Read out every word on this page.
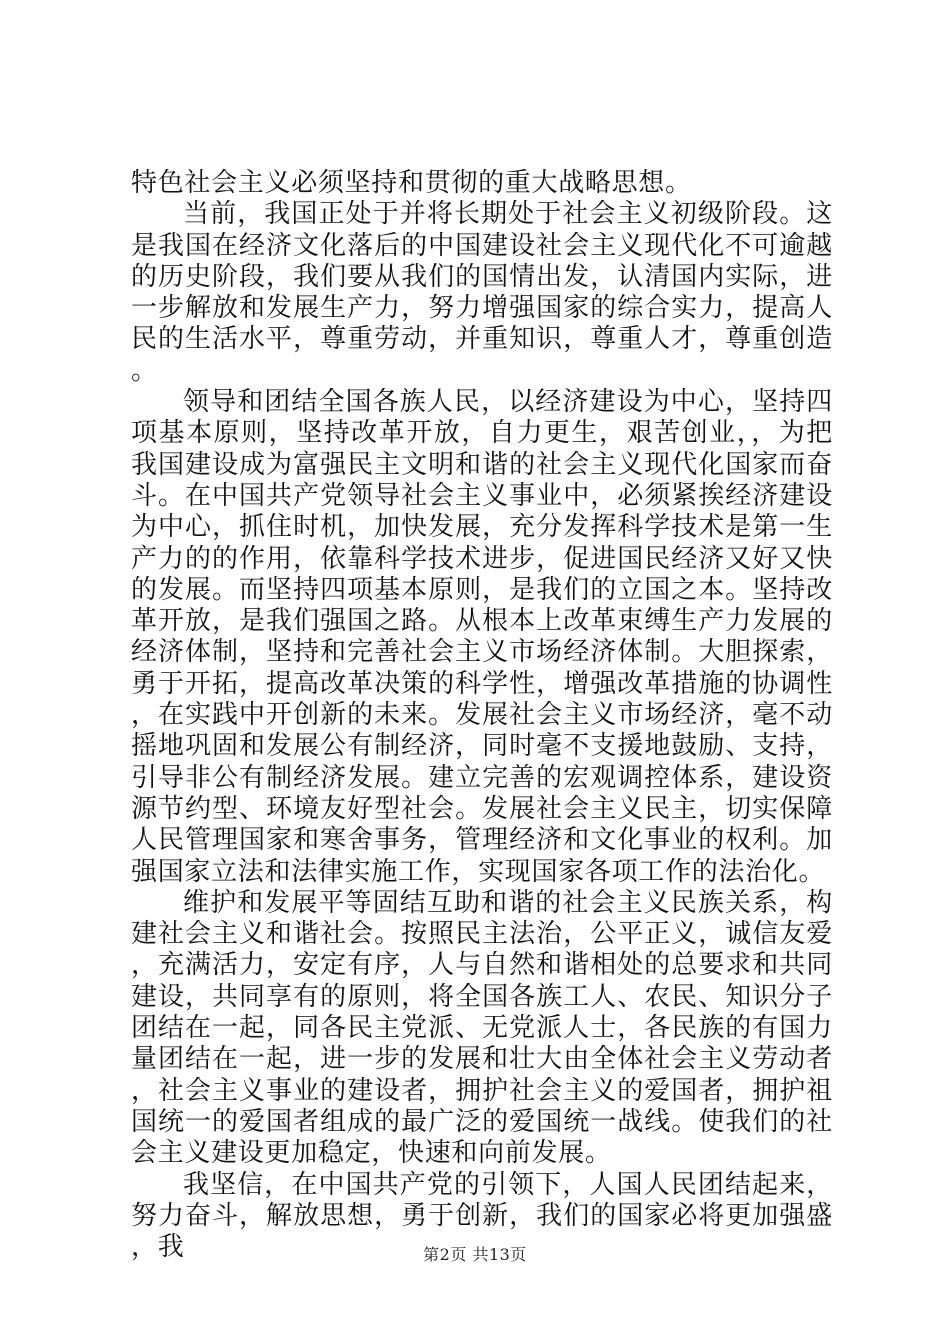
特色社会主义必须坚持和贯彻的重大战略思想。

当前，我国正处于并将长期处于社会主义初级阶段。这是我国在经济文化落后的中国建设社会主义现代化不可逾越的历史阶段，我们要从我们的国情出发，认清国内实际，进一步解放和发展生产力，努力增强国家的综合实力，提高人民的生活水平，尊重劳动，并重知识，尊重人才，尊重创造。

领导和团结全国各族人民，以经济建设为中心，坚持四项基本原则，坚持改革开放，自力更生，艰苦创业，，为把我国建设成为富强民主文明和谐的社会主义现代化国家而奋斗。在中国共产党领导社会主义事业中，必须紧挨经济建设为中心，抓住时机，加快发展，充分发挥科学技术是第一生产力的的作用，依靠科学技术进步，促进国民经济又好又快的发展。而坚持四项基本原则，是我们的立国之本。坚持改革开放，是我们强国之路。从根本上改革束缚生产力发展的经济体制，坚持和完善社会主义市场经济体制。大胆探索，勇于开拓，提高改革决策的科学性，增强改革措施的协调性，在实践中开创新的未来。发展社会主义市场经济，毫不动摇地巩固和发展公有制经济，同时毫不支援地鼓励、支持，引导非公有制经济发展。建立完善的宏观调控体系，建设资源节约型、环境友好型社会。发展社会主义民主，切实保障人民管理国家和寒舍事务，管理经济和文化事业的权利。加强国家立法和法律实施工作，实现国家各项工作的法治化。

维护和发展平等固结互助和谐的社会主义民族关系，构建社会主义和谐社会。按照民主法治，公平正义，诚信友爱，充满活力，安定有序，人与自然和谐相处的总要求和共同建设，共同享有的原则，将全国各族工人、农民、知识分子团结在一起，同各民主党派、无党派人士，各民族的有国力量团结在一起，进一步的发展和壮大由全体社会主义劳动者，社会主义事业的建设者，拥护社会主义的爱国者，拥护祖国统一的爱国者组成的最广泛的爱国统一战线。使我们的社会主义建设更加稳定，快速和向前发展。

我坚信，在中国共产党的引领下，人国人民团结起来，努力奋斗，解放思想，勇于创新，我们的国家必将更加强盛，我	第2页 共13页
